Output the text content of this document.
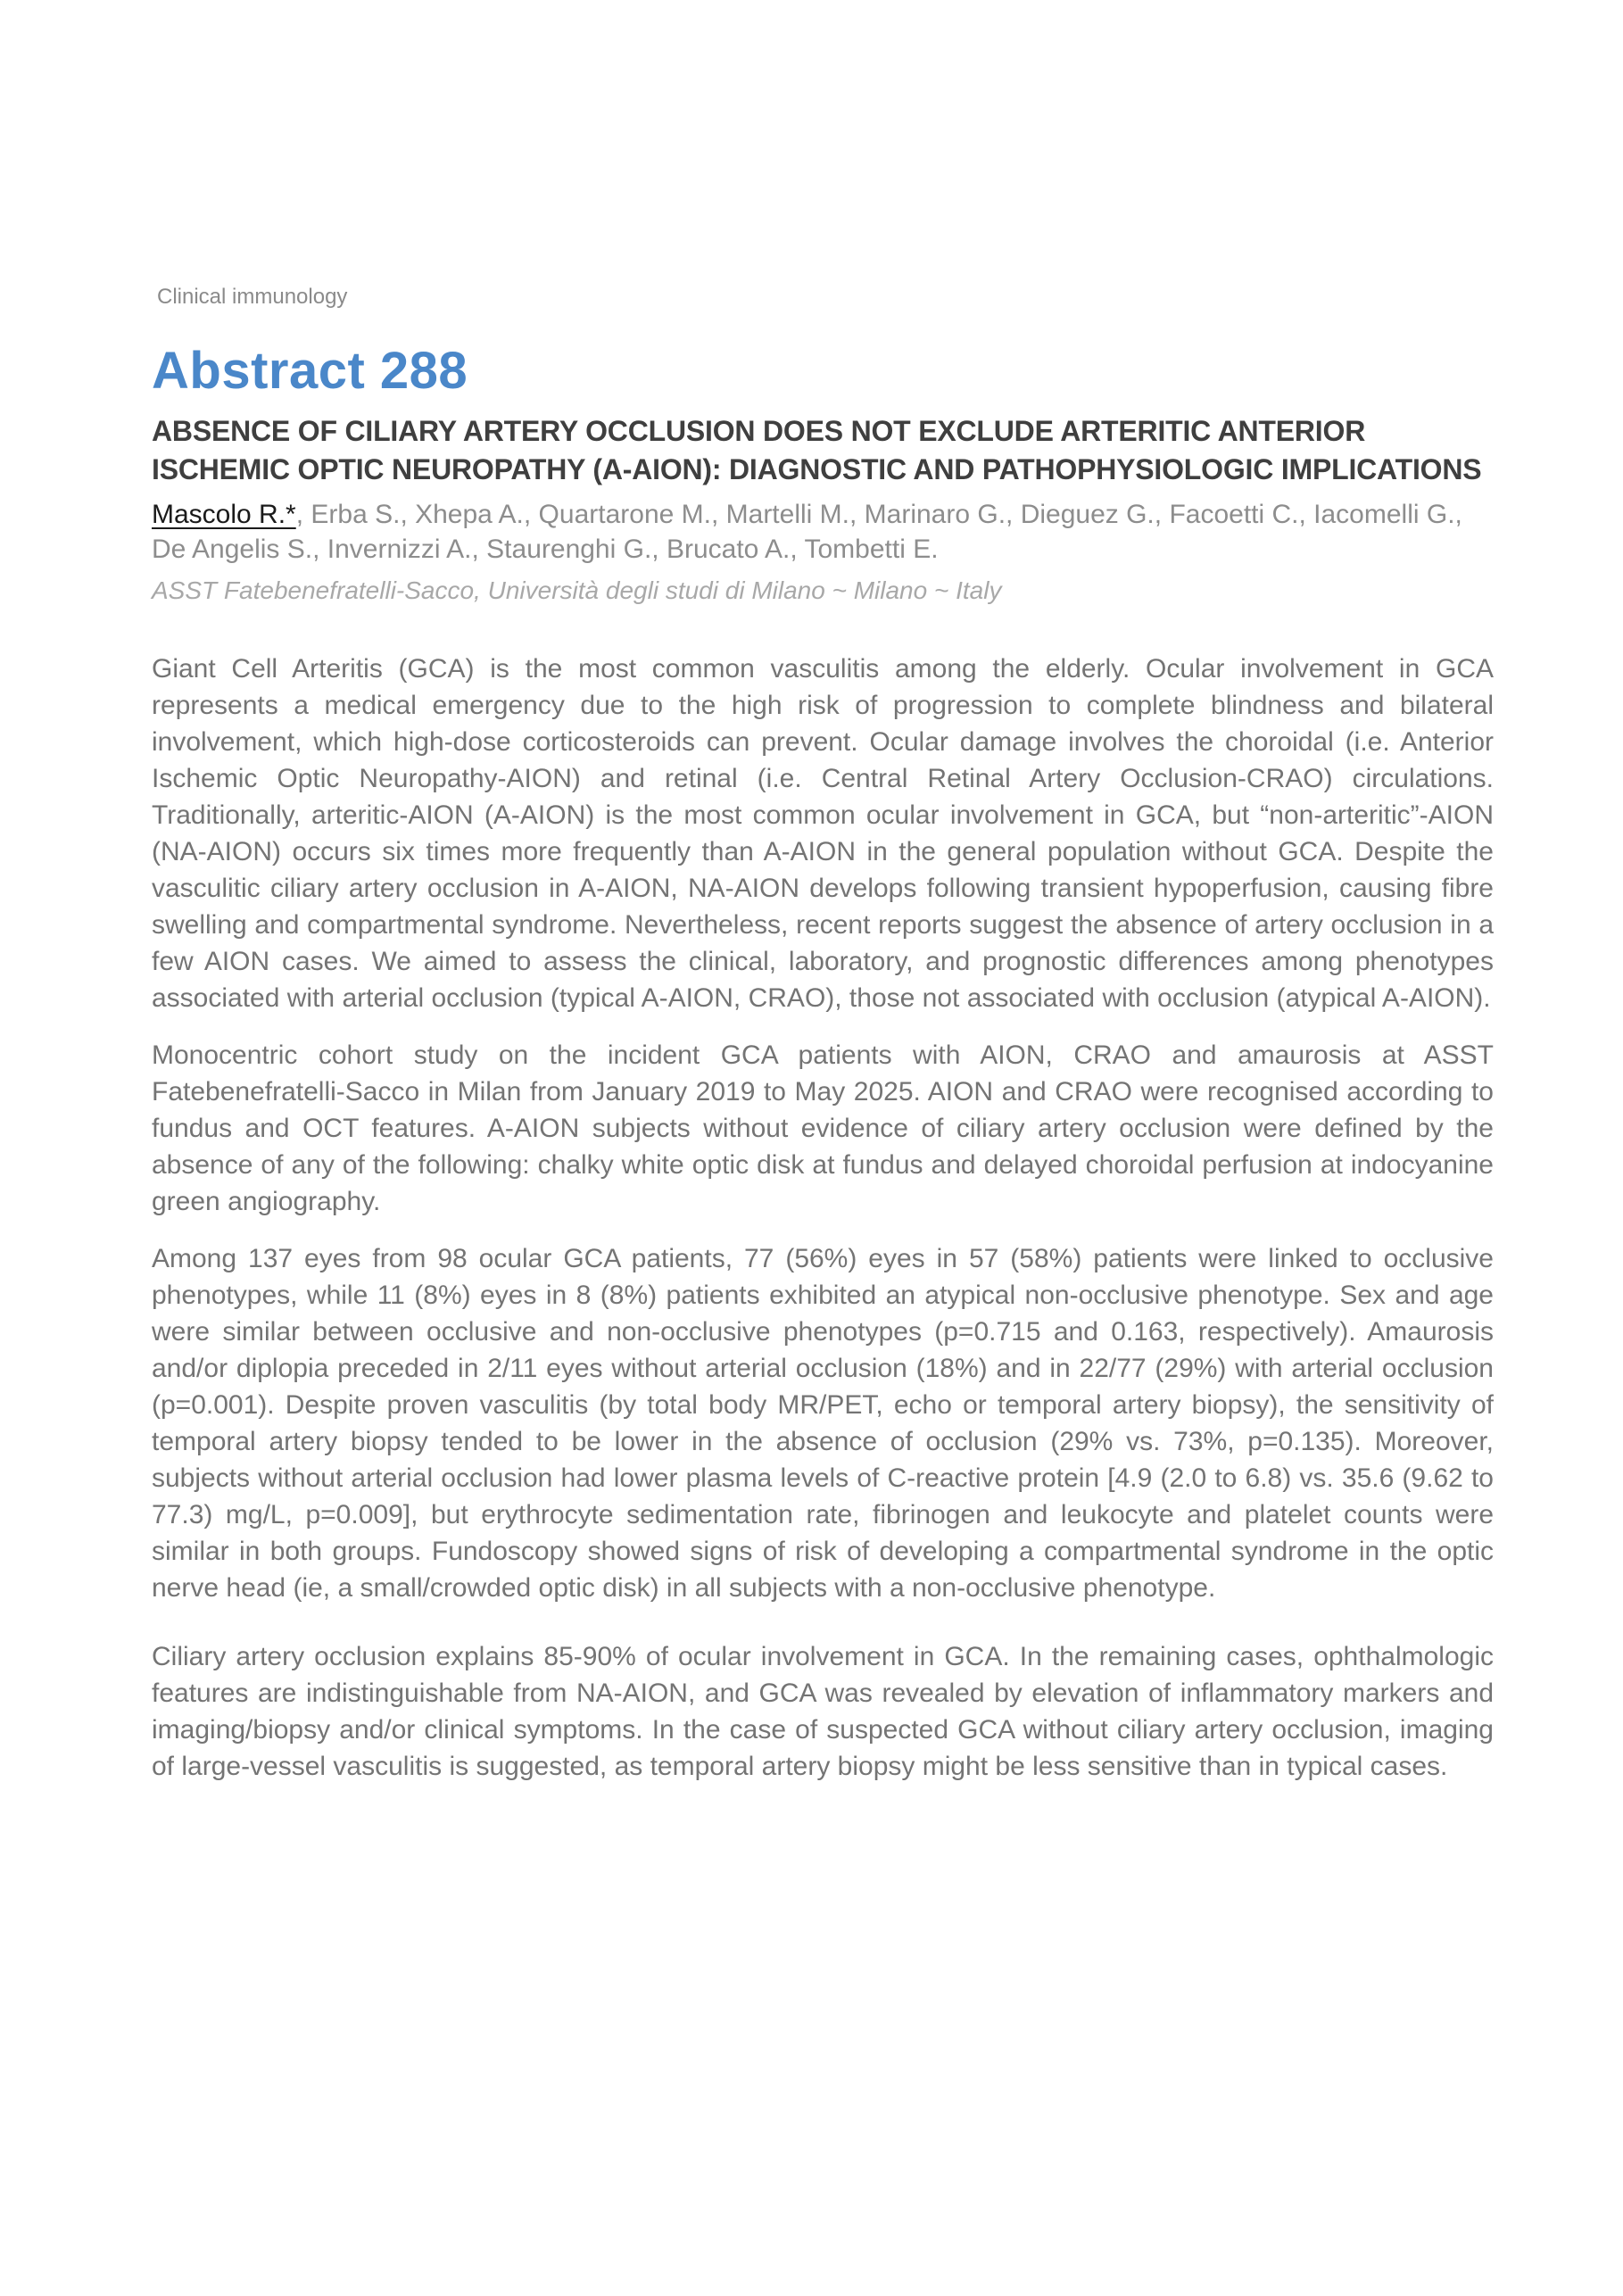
Clinical immunology
Abstract 288
ABSENCE OF CILIARY ARTERY OCCLUSION DOES NOT EXCLUDE ARTERITIC ANTERIOR ISCHEMIC OPTIC NEUROPATHY (A-AION): DIAGNOSTIC AND PATHOPHYSIOLOGIC IMPLICATIONS

Mascolo R.*, Erba S., Xhepa A., Quartarone M., Martelli M., Marinaro G., Dieguez G., Facoetti C., Iacomelli G., De Angelis S., Invernizzi A., Staurenghi G., Brucato A., Tombetti E.

ASST Fatebenefratelli-Sacco, Università degli studi di Milano ~ Milano ~ Italy

Giant Cell Arteritis (GCA) is the most common vasculitis among the elderly. Ocular involvement in GCA represents a medical emergency due to the high risk of progression to complete blindness and bilateral involvement, which high-dose corticosteroids can prevent. Ocular damage involves the choroidal (i.e. Anterior Ischemic Optic Neuropathy-AION) and retinal (i.e. Central Retinal Artery Occlusion-CRAO) circulations. Traditionally, arteritic-AION (A-AION) is the most common ocular involvement in GCA, but “non-arteritic”-AION (NA-AION) occurs six times more frequently than A-AION in the general population without GCA. Despite the vasculitic ciliary artery occlusion in A-AION, NA-AION develops following transient hypoperfusion, causing fibre swelling and compartmental syndrome. Nevertheless, recent reports suggest the absence of artery occlusion in a few AION cases. We aimed to assess the clinical, laboratory, and prognostic differences among phenotypes associated with arterial occlusion (typical A-AION, CRAO), those not associated with occlusion (atypical A-AION).

Monocentric cohort study on the incident GCA patients with AION, CRAO and amaurosis at ASST Fatebenefratelli-Sacco in Milan from January 2019 to May 2025. AION and CRAO were recognised according to fundus and OCT features. A-AION subjects without evidence of ciliary artery occlusion were defined by the absence of any of the following: chalky white optic disk at fundus and delayed choroidal perfusion at indocyanine green angiography.

Among 137 eyes from 98 ocular GCA patients, 77 (56%) eyes in 57 (58%) patients were linked to occlusive phenotypes, while 11 (8%) eyes in 8 (8%) patients exhibited an atypical non-occlusive phenotype. Sex and age were similar between occlusive and non-occlusive phenotypes (p=0.715 and 0.163, respectively). Amaurosis and/or diplopia preceded in 2/11 eyes without arterial occlusion (18%) and in 22/77 (29%) with arterial occlusion (p=0.001). Despite proven vasculitis (by total body MR/PET, echo or temporal artery biopsy), the sensitivity of temporal artery biopsy tended to be lower in the absence of occlusion (29% vs. 73%, p=0.135). Moreover, subjects without arterial occlusion had lower plasma levels of C-reactive protein [4.9 (2.0 to 6.8) vs. 35.6 (9.62 to 77.3) mg/L, p=0.009], but erythrocyte sedimentation rate, fibrinogen and leukocyte and platelet counts were similar in both groups. Fundoscopy showed signs of risk of developing a compartmental syndrome in the optic nerve head (ie, a small/crowded optic disk) in all subjects with a non-occlusive phenotype.

Ciliary artery occlusion explains 85-90% of ocular involvement in GCA. In the remaining cases, ophthalmologic features are indistinguishable from NA-AION, and GCA was revealed by elevation of inflammatory markers and imaging/biopsy and/or clinical symptoms. In the case of suspected GCA without ciliary artery occlusion, imaging of large-vessel vasculitis is suggested, as temporal artery biopsy might be less sensitive than in typical cases.
